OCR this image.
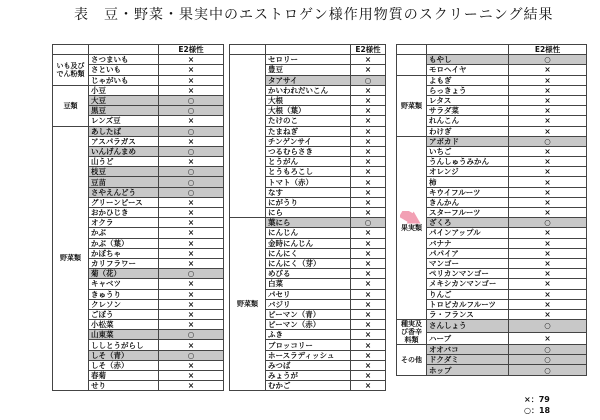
表　豆・野菜・果実中のエストロゲン様作用物質のスクリーニング結果
		E2様性
いも及びでん粉類	さつまいも	×
	さといも	×
	じゃがいも	×
豆類	小豆	×
	大豆	○
	黒豆	○
	レンズ豆	×
野菜類	あしたば	○
	アスパラガス	×
	いんげんまめ	○
	山うど	×
	枝豆	○
	豆苗	○
	さやえんどう	○
	グリーンピース	×
	おかひじき	×
	オクラ	×
	かぶ	×
	かぶ（葉）	×
	かぼちゃ	×
	カリフラワー	×
	菊（花）	○
	キャベツ	×
	きゅうり	×
	クレソン	×
	ごぼう	×
	小松菜	×
	山東菜	○
	ししとうがらし	×
	しそ（青）	○
	しそ（赤）	×
	春菊	×
	せり	×
		E2様性
	セロリー	×
	豊豆	×
	タアサイ	○
	かいわれだいこん	×
	大根	×
	大根（葉）	×
	たけのこ	×
	たまねぎ	×
	チンゲンサイ	×
	つるむらさき	×
	とうがん	×
	とうもろこし	×
	トマト（赤）	×
	なす	×
	にがうり	×
	にら	×
野菜類	葉にら	○
	にんじん	×
	金時にんじん	×
	にんにく	×
	にんにく（芽）	×
	めびる	×
	白菜	×
	パセリ	×
	バジリ	×
	ピーマン（青）	×
	ピーマン（赤）	×
	ふき	×
	ブロッコリー	×
	ホースラディッシュ	×
	みつば	×
	みょうが	×
	むかご	×
		E2様性
	もやし	○
	モロヘイヤ	×
野菜類	よもぎ	×
	らっきょう	×
	レタス	×
	サラダ菜	×
	れんこん	×
	わけぎ	×
果実類	アボカド	○
	いちご	×
	うんしゅうみかん	×
	オレンジ	×
	柿	×
	キウイフルーツ	×
	きんかん	×
	スターフルーツ	×
	ざくろ	○
	パインアップル	×
	バナナ	×
	パパイア	×
	マンゴー	×
	ペリカンマンゴー	×
	メキシカンマンゴー	×
	りんご	×
	トロピカルフルーツ	×
	ラ・フランス	×
種実及び香辛料類	さんしょう	○
	ハーブ	×
その他	オオバコ	○
	ドクダミ	○
	ホップ	○
×：79
○：18
